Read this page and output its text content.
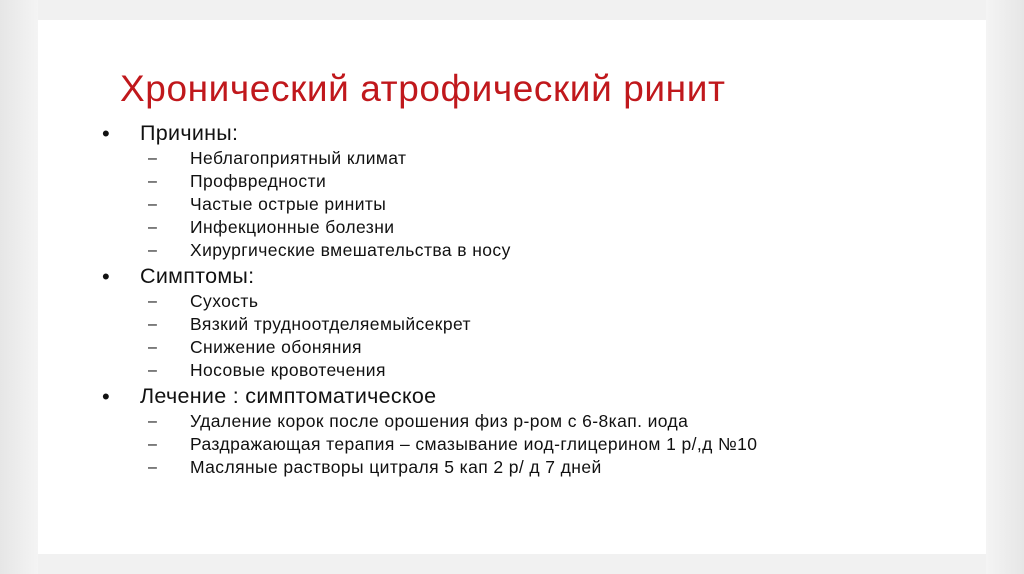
Хронический атрофический ринит
•	Причины:
–	Неблагоприятный климат
–	Профвредности
–	Частые острые риниты
–	Инфекционные болезни
–	Хирургические вмешательства в носу
•	Симптомы:
–	Сухость
–	Вязкий трудноотделяемыйсекрет
–	Снижение обоняния
–	Носовые кровотечения
•	Лечение : симптоматическое
–	Удаление корок после орошения физ р-ром с 6-8кап. иода
–	Раздражающая терапия – смазывание иод-глицерином 1 р/,д №10
–	Масляные растворы цитраля 5 кап 2 р/ д 7 дней
